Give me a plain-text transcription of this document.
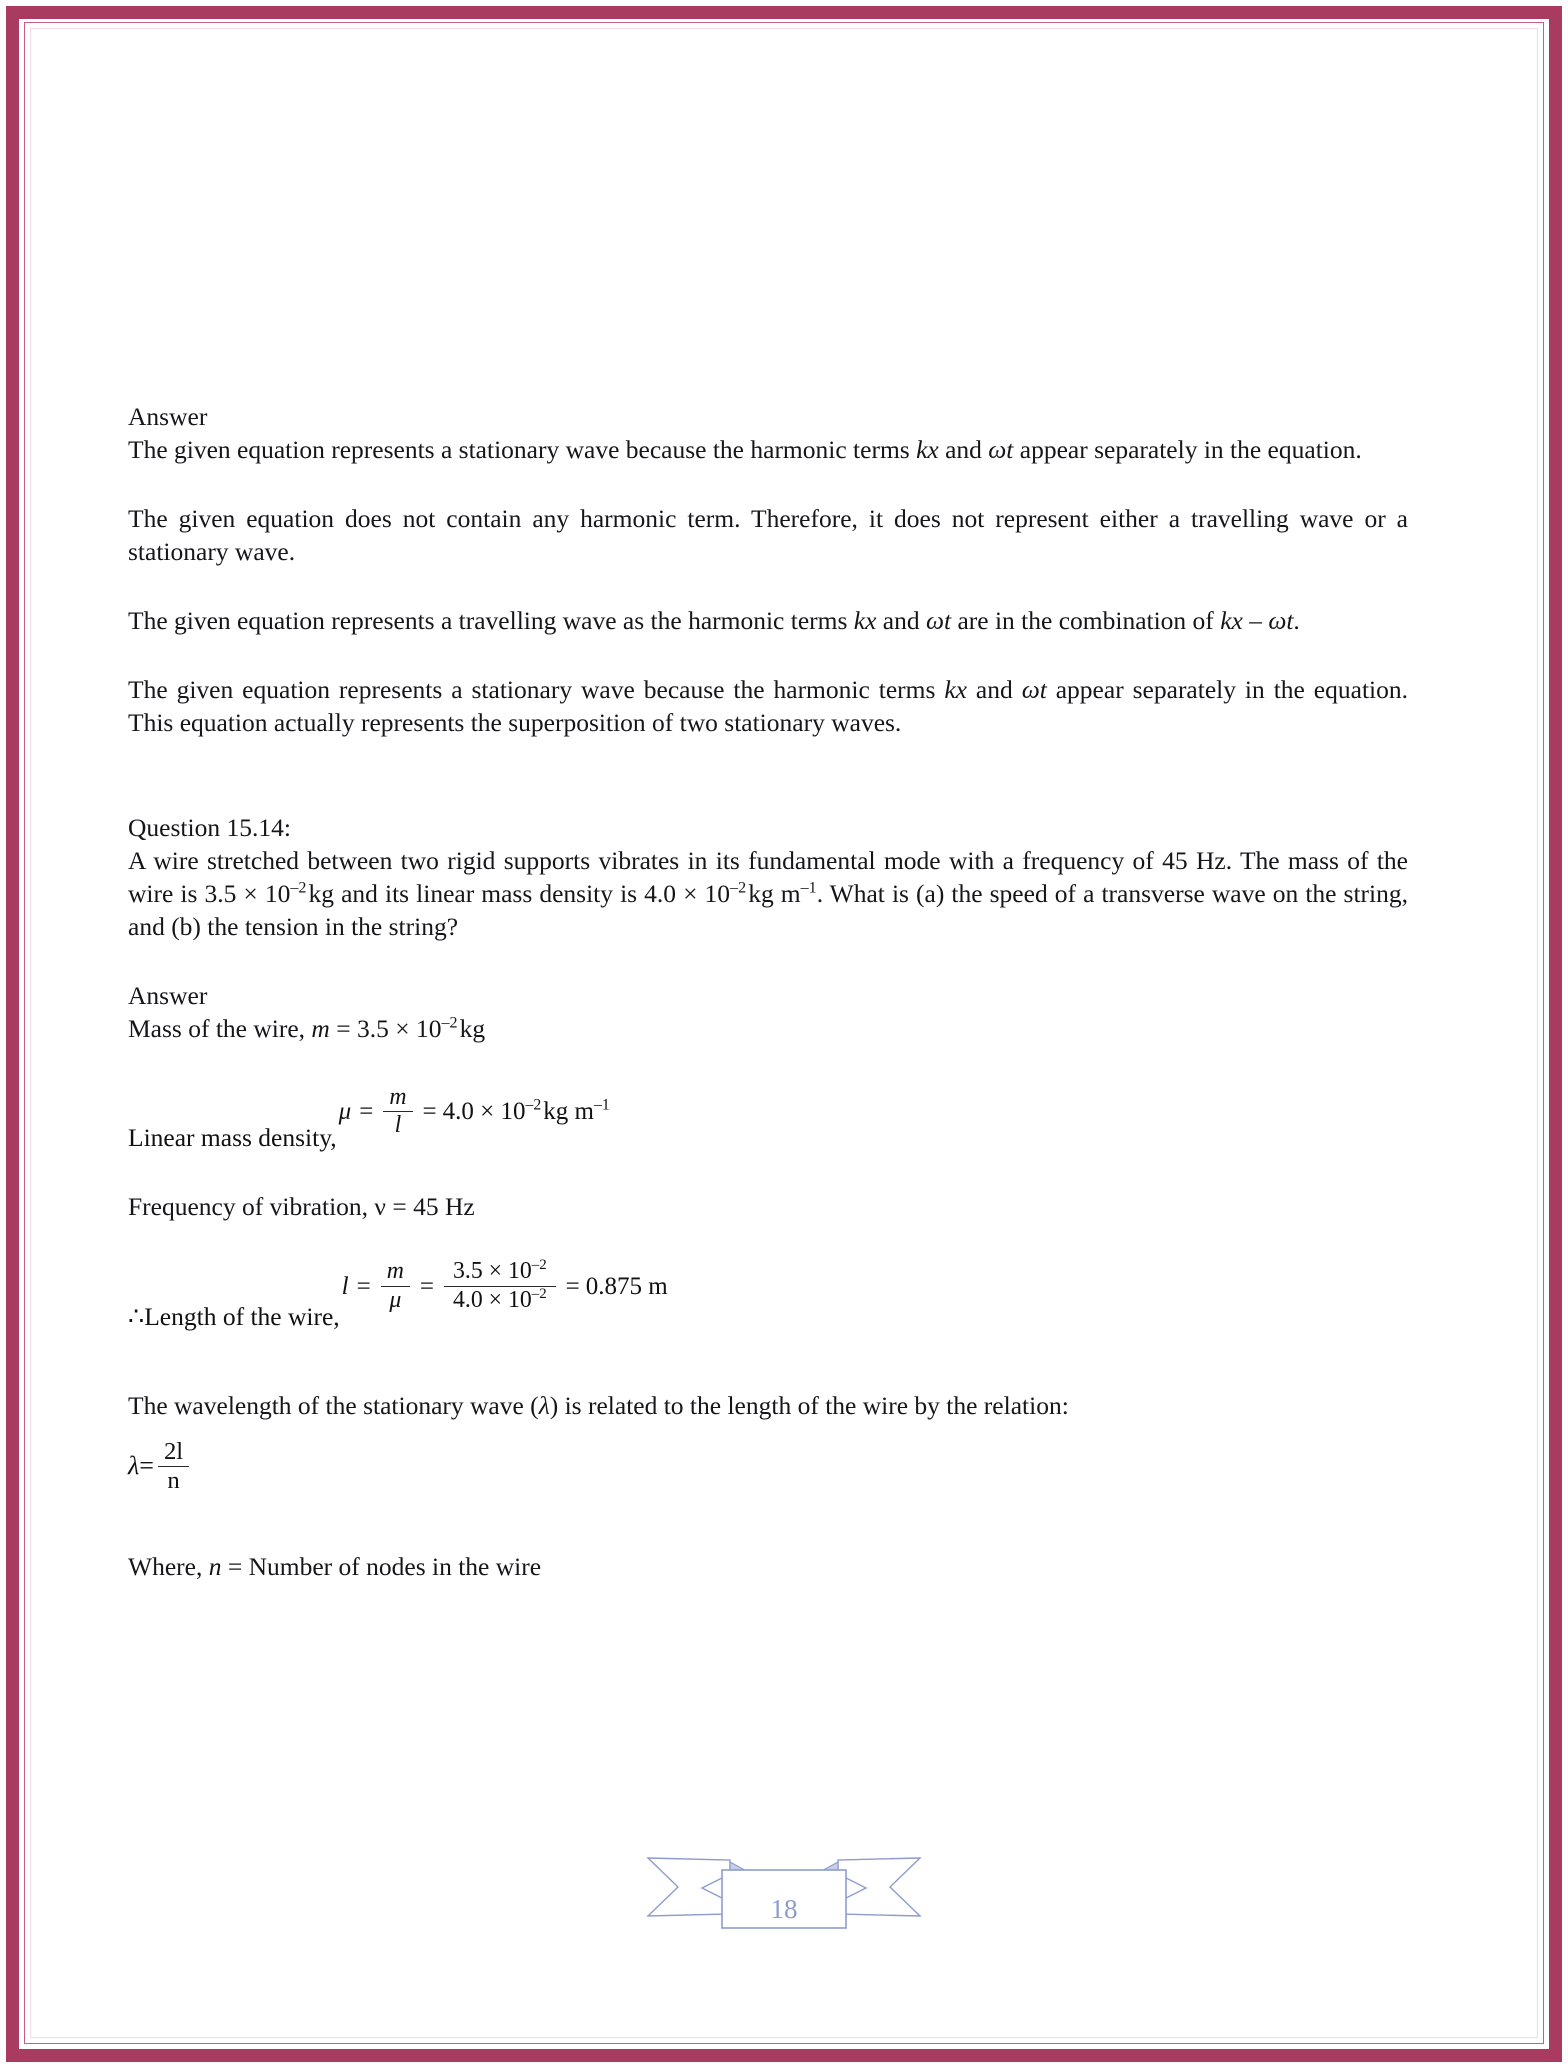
Answer

The given equation represents a stationary wave because the harmonic terms kx and ωt appear separately in the equation.

The given equation does not contain any harmonic term. Therefore, it does not represent either a travelling wave or a stationary wave.

The given equation represents a travelling wave as the harmonic terms kx and ωt are in the combination of kx – ωt.

The given equation represents a stationary wave because the harmonic terms kx and ωt appear separately in the equation. This equation actually represents the superposition of two stationary waves.

Question 15.14:

A wire stretched between two rigid supports vibrates in its fundamental mode with a frequency of 45 Hz. The mass of the wire is $3.5 \times 10^{-2}$ kg and its linear mass density is $4.0 \times 10^{-2}$ kg $m^{-1}$. What is (a) the speed of a transverse wave on the string, and (b) the tension in the string?

Answer
Mass of the wire, $m = 3.5 \times 10^{-2}$ kg
Linear mass density,
$\mu = \frac{m}{l} = 4.0 \times 10^{-2}$ kg $m^{-1}$
Frequency of vibration, ν = 45 Hz
∴Length of the wire,
$l = \frac{m}{\mu} = \frac{3.5 \times 10^{-2}}{4.0 \times 10^{-2}} = 0.875$ m

The wavelength of the stationary wave (λ) is related to the length of the wire by the relation:

$\lambda = \frac{2l}{n}$
Where, n = Number of nodes in the wire
18
